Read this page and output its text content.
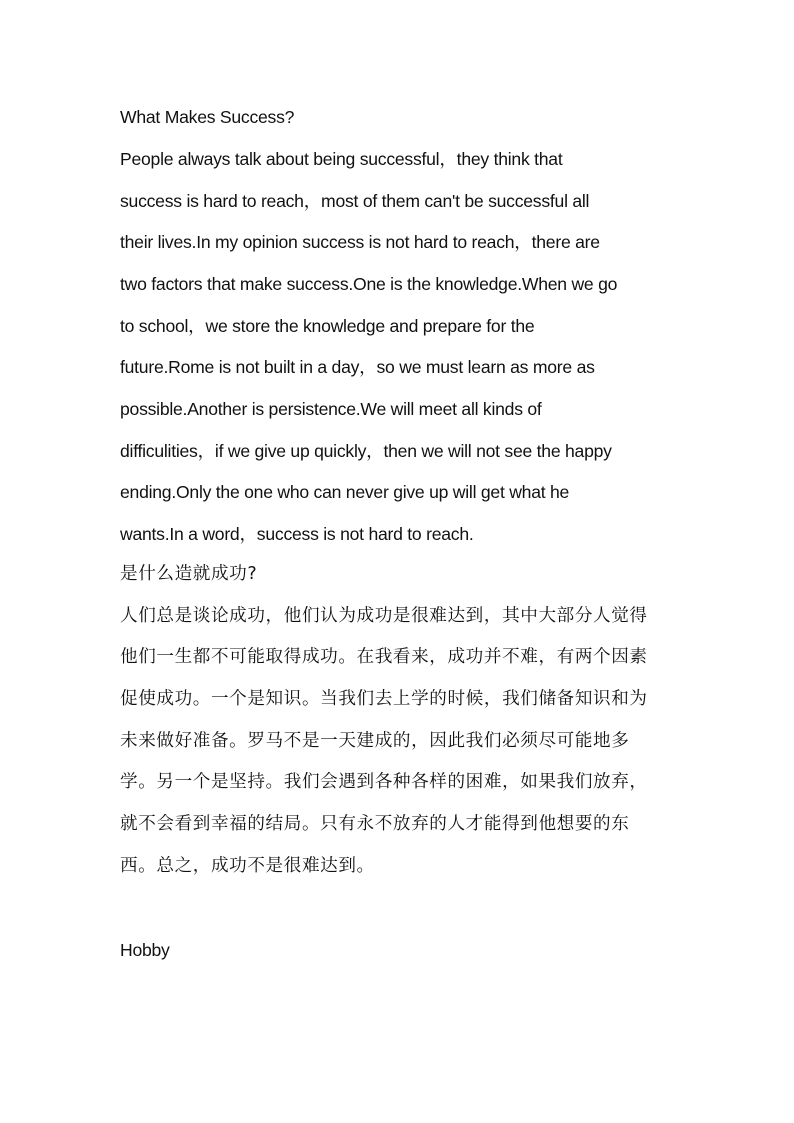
What Makes Success?
People always talk about being successful，they think that
success is hard to reach，most of them can't be successful all
their lives.In my opinion success is not hard to reach，there are
two factors that make success.One is the knowledge.When we go
to school，we store the knowledge and prepare for the
future.Rome is not built in a day，so we must learn as more as
possible.Another is persistence.We will meet all kinds of
difficulities，if we give up quickly，then we will not see the happy
ending.Only the one who can never give up will get what he
wants.In a word，success is not hard to reach.
是什么造就成功?
人们总是谈论成功，他们认为成功是很难达到，其中大部分人觉得
他们一生都不可能取得成功。在我看来，成功并不难，有两个因素
促使成功。一个是知识。当我们去上学的时候，我们储备知识和为
未来做好准备。罗马不是一天建成的，因此我们必须尽可能地多
学。另一个是坚持。我们会遇到各种各样的困难，如果我们放弃，
就不会看到幸福的结局。只有永不放弃的人才能得到他想要的东
西。总之，成功不是很难达到。
Hobby
